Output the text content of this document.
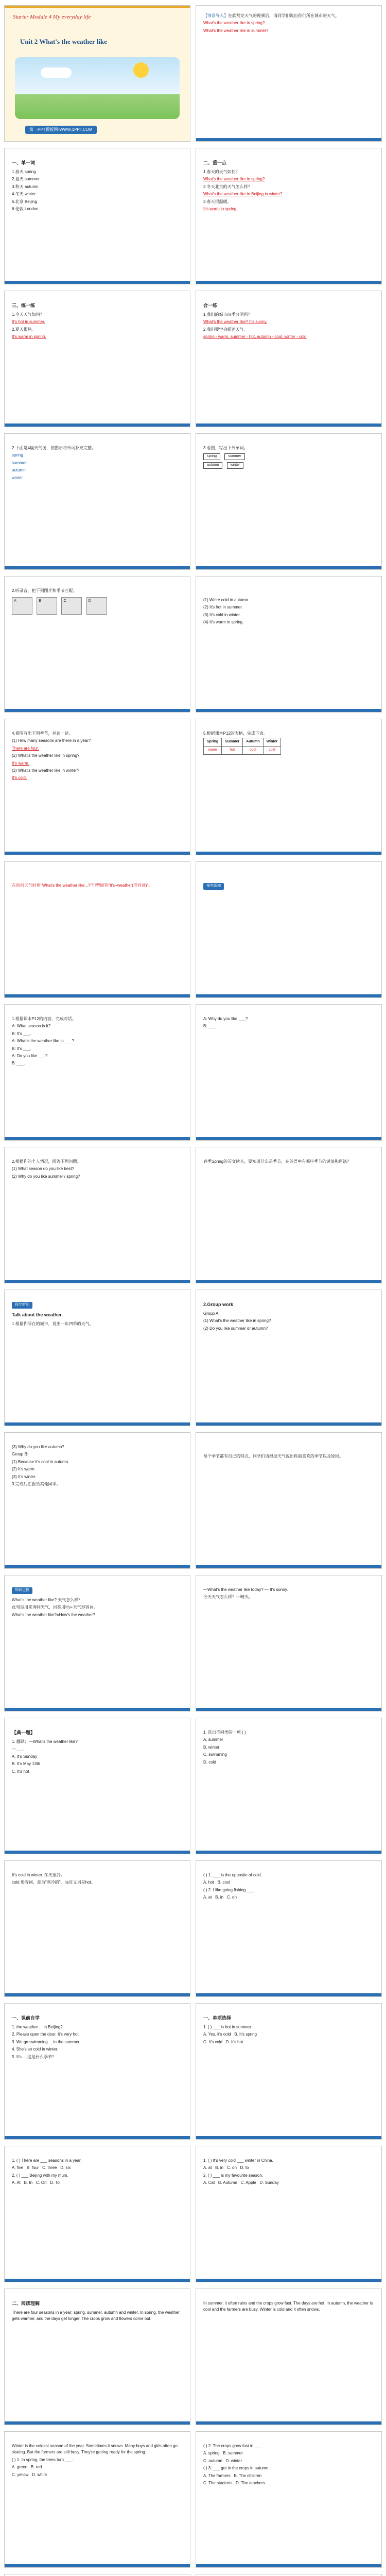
Starter Module 4 My everyday life
Unit 2 What's the weather like
第一PPT模板网-WWW.1PPT.COM
【情景导入】在欣赏完天气的视频后，请同学们说出你们所在城市的天气。
What's the weather like in spring?
What's the weather like in summer?
一、单一词
1.春天 spring
2.夏天 summer
3.秋天 autumn
4.冬天 winter
5.北京 Beijing
6.伦敦 London
二、重一点
1.春天的天气如何？
What's the weather like in spring?
2.冬天北京的天气怎么样？
What's the weather like in Beijing in winter?
3.春天很温暖。
It's warm in spring.
三、练一练
1.今天天气如何？
It's hot in summer.
2.夏天很热。
It's warm in spring.
合一练
1.我们的城市四季分明吗？
What's the weather like? It's sunny.
2.我们要学会描述天气。
spring - warm, summer - hot, autumn - cool, winter - cold
2.下面是4幅天气图，按图示将单词补充完整。
spring
summer
autumn
winter
3.看图，写出下列单词。
spring	summer
autumn	winter
2.听录音，把下列图片和季节匹配。
A
	B
	C
	D	(1) We're cold in autumn.
(2) It's hot in summer.
(3) It's cold in winter.
(4) It's warm in spring.
4.看图写出下列季节，并读一读。
(1) How many seasons are there in a year?
There are four.
(2) What's the weather like in spring?
It's warm.
(3) What's the weather like in winter?
It's cold.
5.根据课本P12的表格，完成下表。
Spring	Summer	Autumn	Winter
warm	hot	cool	cold
在询问天气时用"What's the weather like...?"句型回答"It's+weather(形容词)"。	探究新知
1.根据课本P12的内容，完成对话。
A: What season is it?
B: It's ___.
A: What's the weather like in ___?
B: It's ___.
A: Do you like ___?
B: ___.
A: Why do you like ___?
B: ___.
2.根据你的个人情况，回答下列问题。
(1) What season do you like best?
(2) Why do you like summer / spring?
春季Spring的英文读音，要知道什么是季节，在英语中有哪些季节的说法和用法？
探究新知
Talk about the weather
1.根据你所在的城市，说出一年四季的天气。
2.Group work
Group A:
(1) What's the weather like in spring?
(2) Do you like summer or autumn?
(3) Why do you like autumn?
Group B:
(1) Because it's cool in autumn.
(2) It's warm.
(3) It's winter.
3.完成后汇报给其他同学。
每个季节都有自己的特点，同学们请根据天气说出你最喜欢的季节以及原因。
知识点拨
What's the weather like? 天气怎么样？
此句型用来询问天气，回答用It's+天气形容词。
What's the weather like?=How's the weather?
—What's the weather like today? — It's sunny.
今天天气怎么样？—晴天。
【典一题】
1. 翻译：—What's the weather like?
—___.
A. It's Sunday
B. It's May 13th
C. It's hot
1. 选出不同类的一项 ( )
A. summer
B. winter
C. swimming
D. cold
It's cold in winter. 冬天很冷。
cold 形容词，意为"寒冷的"，its反义词是hot。
( ) 1. ___ is the opposite of cold.
A. hot B. cool
( ) 2. I like going fishing ___.
A. at B. in C. on
一、课前自学
1. the weather ... in Beijing?
2. Please open the door. It's very hot.
3. We go swimming ... in the summer.
4. She's so cold in winter.
5. It's ... 这是什么季节？
一、单项选择
1. ( ) ___ is hot in summer.
A. Yes, it's cold B. It's spring
C. It's cold D. It's hot
1. ( ) There are ___ seasons in a year.
A. five B. four C. three D. six
2. ( ) ___ Beijing with my mum.
A. At B. In C. On D. To
1. ( ) It's very cold ___ winter in China.
A. at B. in C. on D. to
2. ( ) ___ is my favourite season.
A. Cat B. Autumn C. Apple D. Sunday
二、阅读理解
There are four seasons in a year: spring, summer, autumn and winter. In spring, the weather gets warmer, and the days get longer. The crops grow and flowers come out.
In summer, it often rains and the crops grow fast. The days are hot. In autumn, the weather is cool and the farmers are busy. Winter is cold and it often snows.
Winter is the coldest season of the year. Sometimes it snows. Many boys and girls often go skating. But the farmers are still busy. They're getting ready for the spring.
( ) 1. In spring, the trees turn ___.
A. green B. red
C. yellow D. white
( ) 2. The crops grow fast in ___.
A. spring B. summer
C. autumn D. winter
( ) 3. ___ get in the crops in autumn.
A. The farmers B. The children
C. The students D. The teachers
